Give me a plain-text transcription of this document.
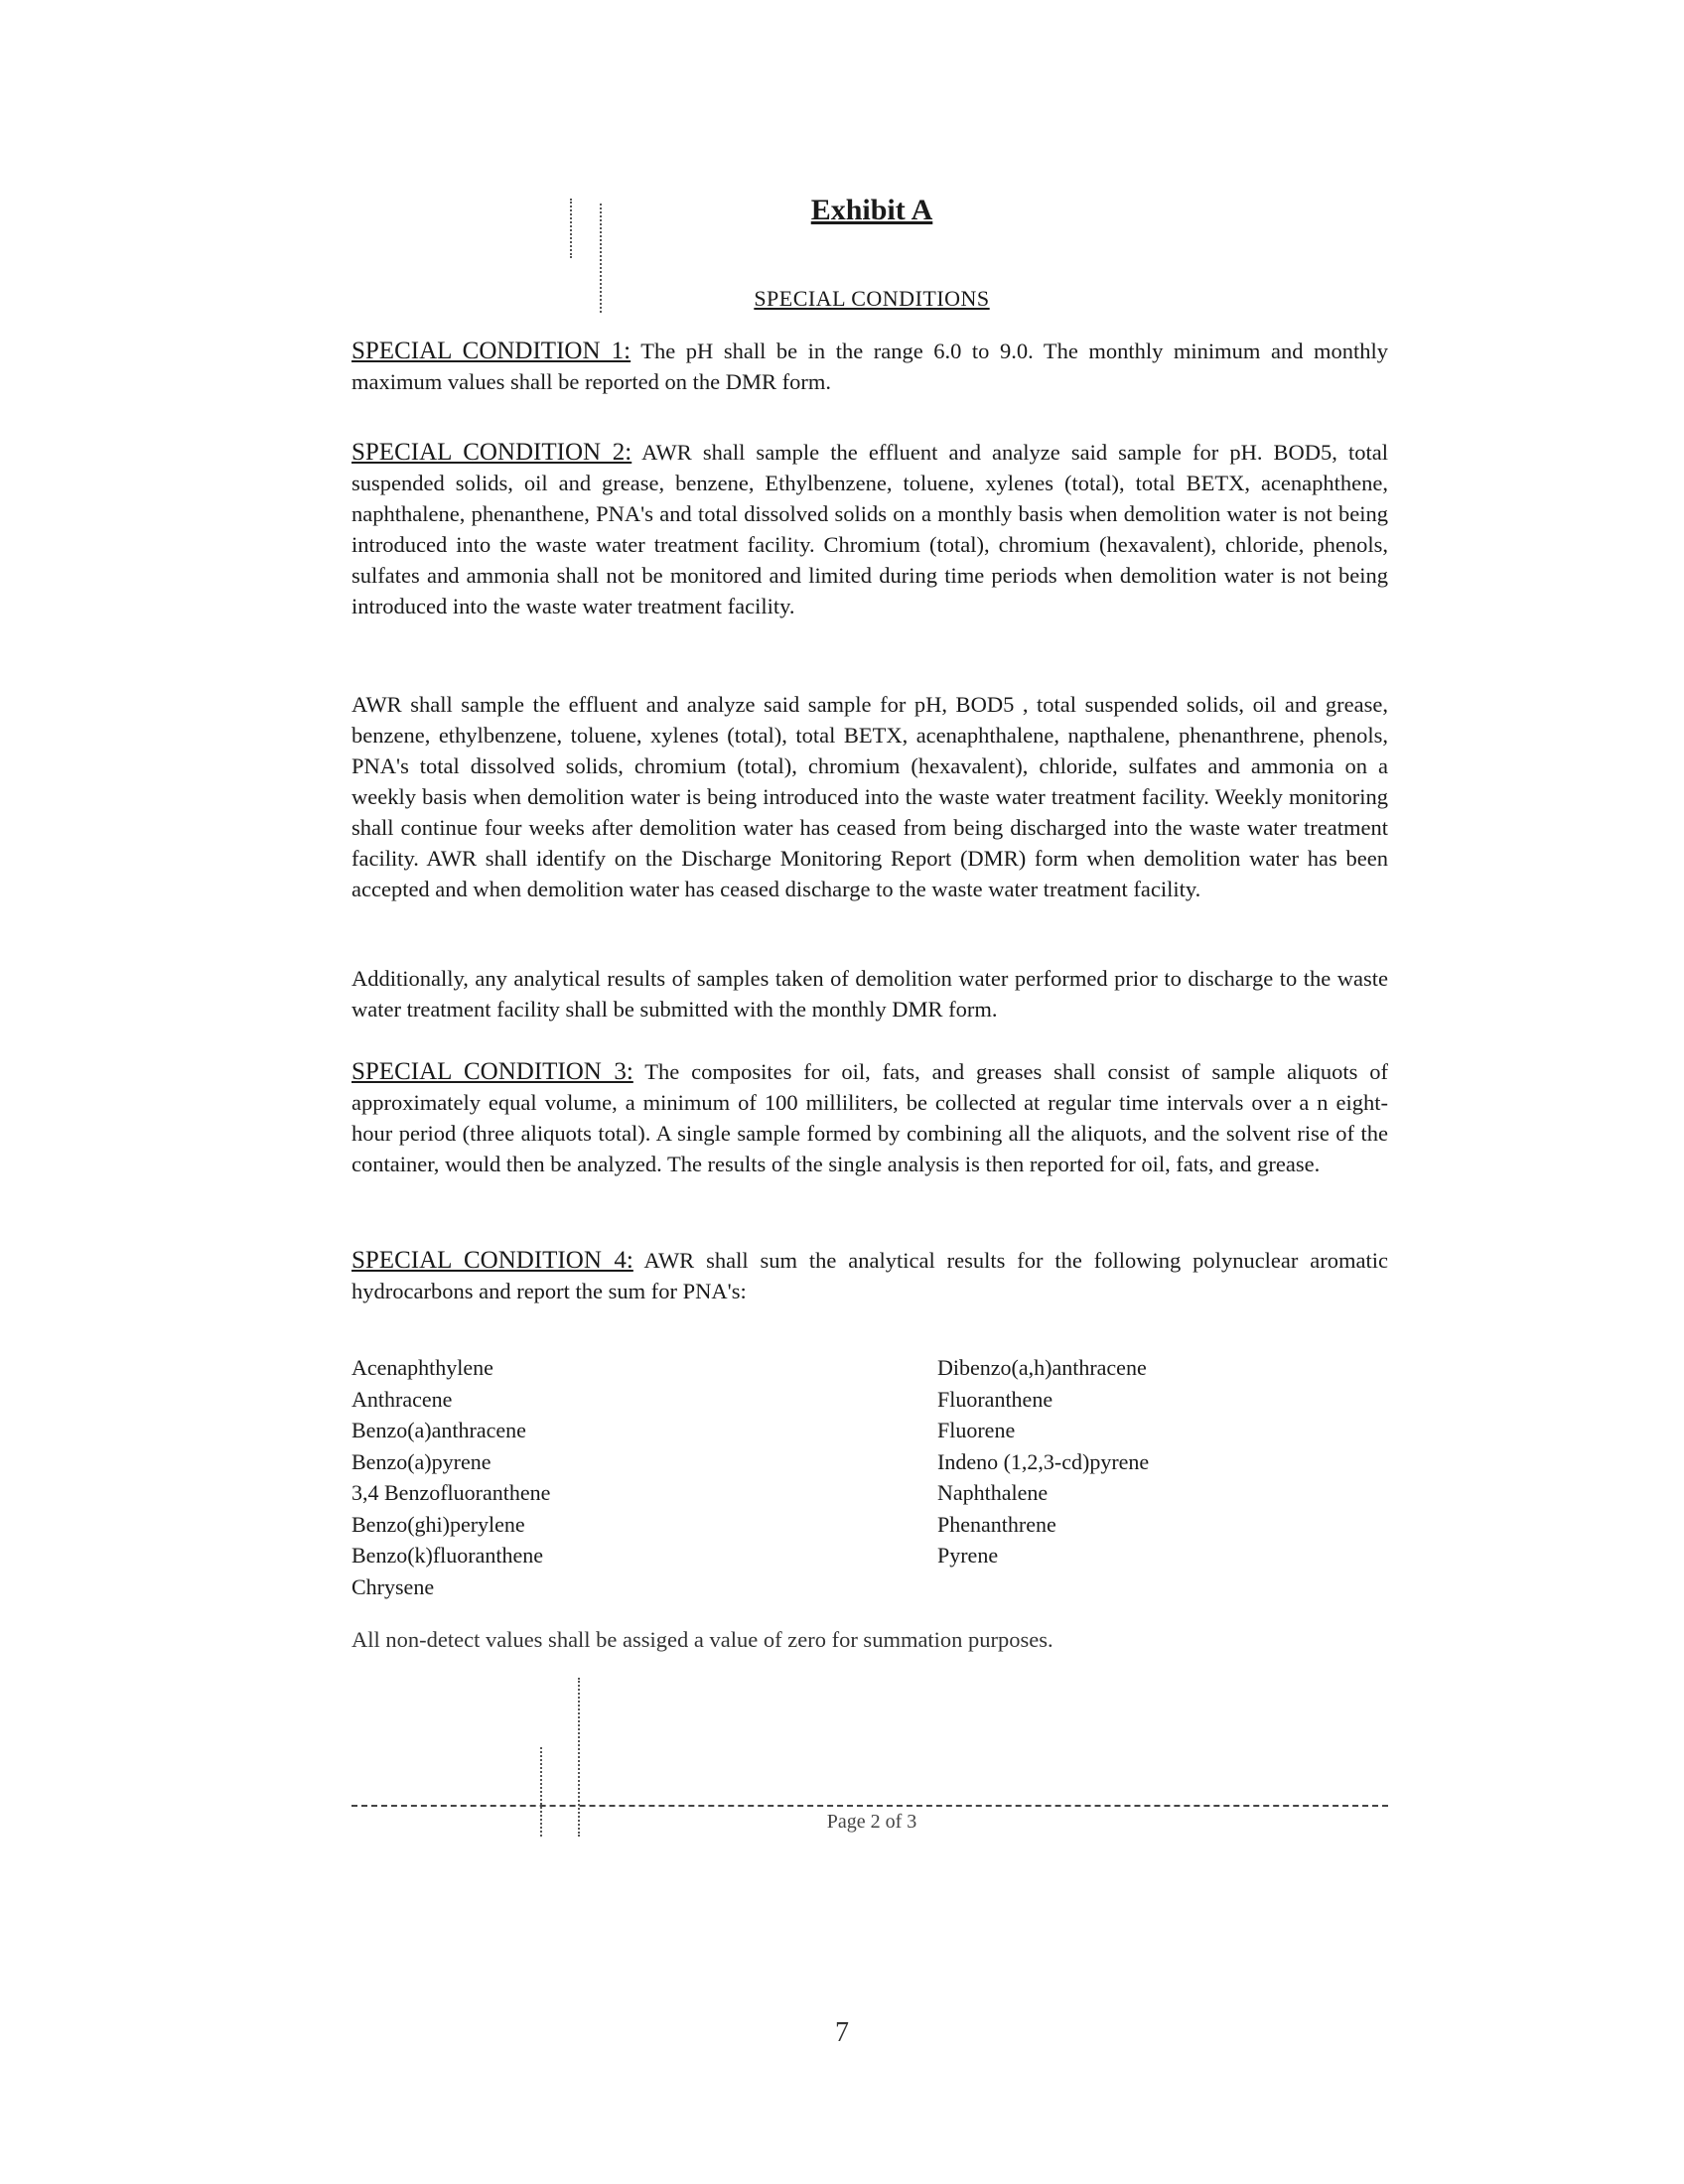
Exhibit A
SPECIAL CONDITIONS

SPECIAL CONDITION 1: The pH shall be in the range 6.0 to 9.0. The monthly minimum and monthly maximum values shall be reported on the DMR form.

SPECIAL CONDITION 2: AWR shall sample the effluent and analyze said sample for pH. BOD5, total suspended solids, oil and grease, benzene, Ethylbenzene, toluene, xylenes (total), total BETX, acenaphthene, naphthalene, phenanthene, PNA's and total dissolved solids on a monthly basis when demolition water is not being introduced into the waste water treatment facility. Chromium (total), chromium (hexavalent), chloride, phenols, sulfates and ammonia shall not be monitored and limited during time periods when demolition water is not being introduced into the waste water treatment facility.

AWR shall sample the effluent and analyze said sample for pH, BOD5 , total suspended solids, oil and grease, benzene, ethylbenzene, toluene, xylenes (total), total BETX, acenaphthalene, napthalene, phenanthrene, phenols, PNA's total dissolved solids, chromium (total), chromium (hexavalent), chloride, sulfates and ammonia on a weekly basis when demolition water is being introduced into the waste water treatment facility. Weekly monitoring shall continue four weeks after demolition water has ceased from being discharged into the waste water treatment facility. AWR shall identify on the Discharge Monitoring Report (DMR) form when demolition water has been accepted and when demolition water has ceased discharge to the waste water treatment facility.

Additionally, any analytical results of samples taken of demolition water performed prior to discharge to the waste water treatment facility shall be submitted with the monthly DMR form.

SPECIAL CONDITION 3: The composites for oil, fats, and greases shall consist of sample aliquots of approximately equal volume, a minimum of 100 milliliters, be collected at regular time intervals over a n eight-hour period (three aliquots total). A single sample formed by combining all the aliquots, and the solvent rise of the container, would then be analyzed. The results of the single analysis is then reported for oil, fats, and grease.

SPECIAL CONDITION 4: AWR shall sum the analytical results for the following polynuclear aromatic hydrocarbons and report the sum for PNA's:

Acenaphthylene
Anthracene
Benzo(a)anthracene
Benzo(a)pyrene
3,4 Benzofluoranthene
Benzo(ghi)perylene
Benzo(k)fluoranthene
Chrysene
Dibenzo(a,h)anthracene
Fluoranthene
Fluorene
Indeno (1,2,3-cd)pyrene
Naphthalene
Phenanthrene
Pyrene

All non-detect values shall be assiged a value of zero for summation purposes.

Page 2 of 3
7
